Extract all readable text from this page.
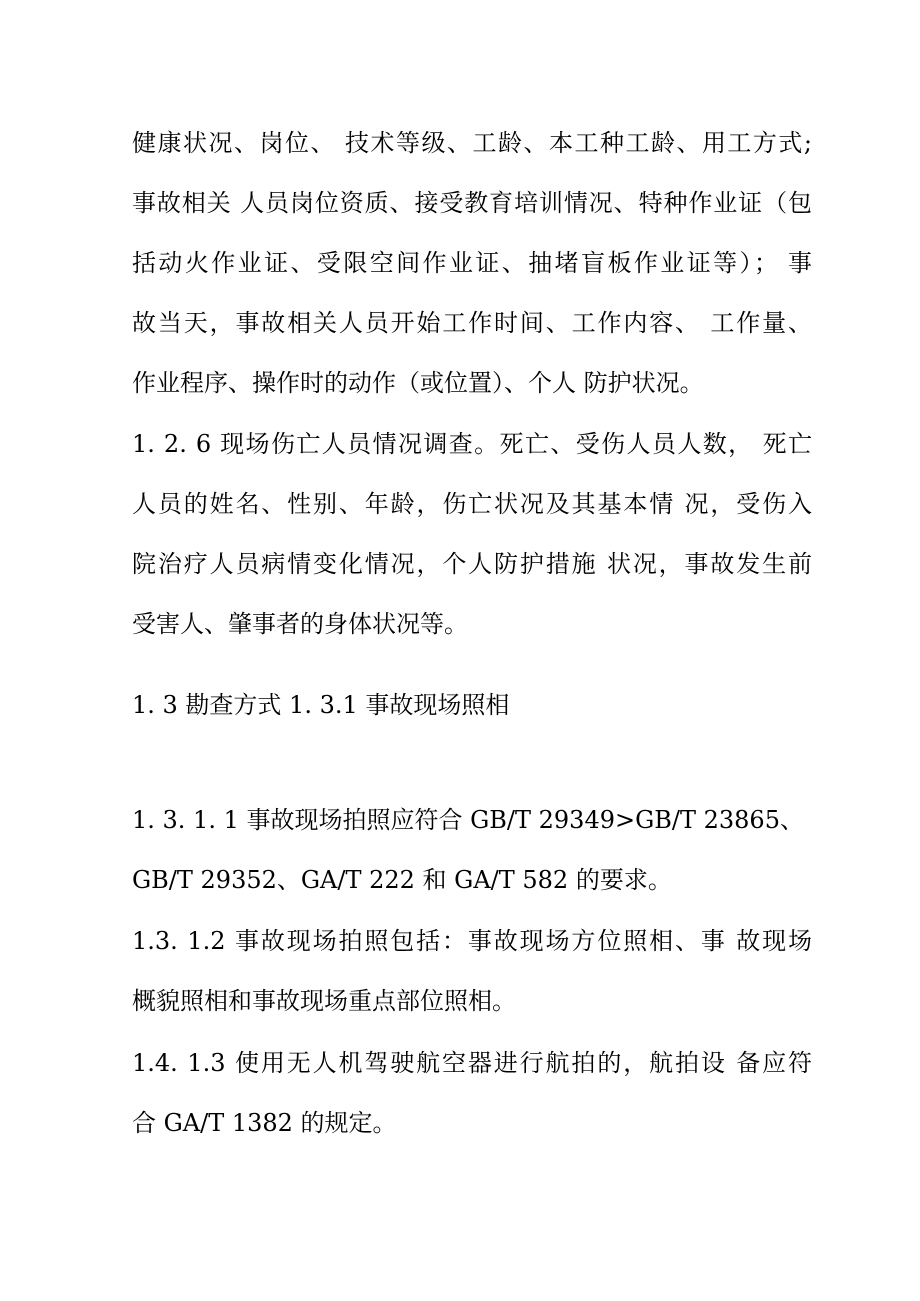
健康状况、岗位、 技术等级、工龄、本工种工龄、用工方式;
事故相关 人员岗位资质、接受教育培训情况、特种作业证（包
括动火作业证、受限空间作业证、抽堵盲板作业证等）； 事
故当天，事故相关人员开始工作时间、工作内容、 工作量、
作业程序、操作时的动作（或位置）、个人 防护状况。
1. 2. 6 现场伤亡人员情况调查。死亡、受伤人员人数， 死亡
人员的姓名、性别、年龄，伤亡状况及其基本情 况，受伤入
院治疗人员病情变化情况，个人防护措施 状况，事故发生前
受害人、肇事者的身体状况等。
1. 3 勘查方式 1. 3.1 事故现场照相
1. 3. 1. 1 事故现场拍照应符合 GB/T 29349>GB/T 23865、
GB/T 29352、GA/T 222 和 GA/T 582 的要求。
1.3. 1.2 事故现场拍照包括：事故现场方位照相、事 故现场
概貌照相和事故现场重点部位照相。
1.4. 1.3 使用无人机驾驶航空器进行航拍的，航拍设 备应符
合 GA/T 1382 的规定。
